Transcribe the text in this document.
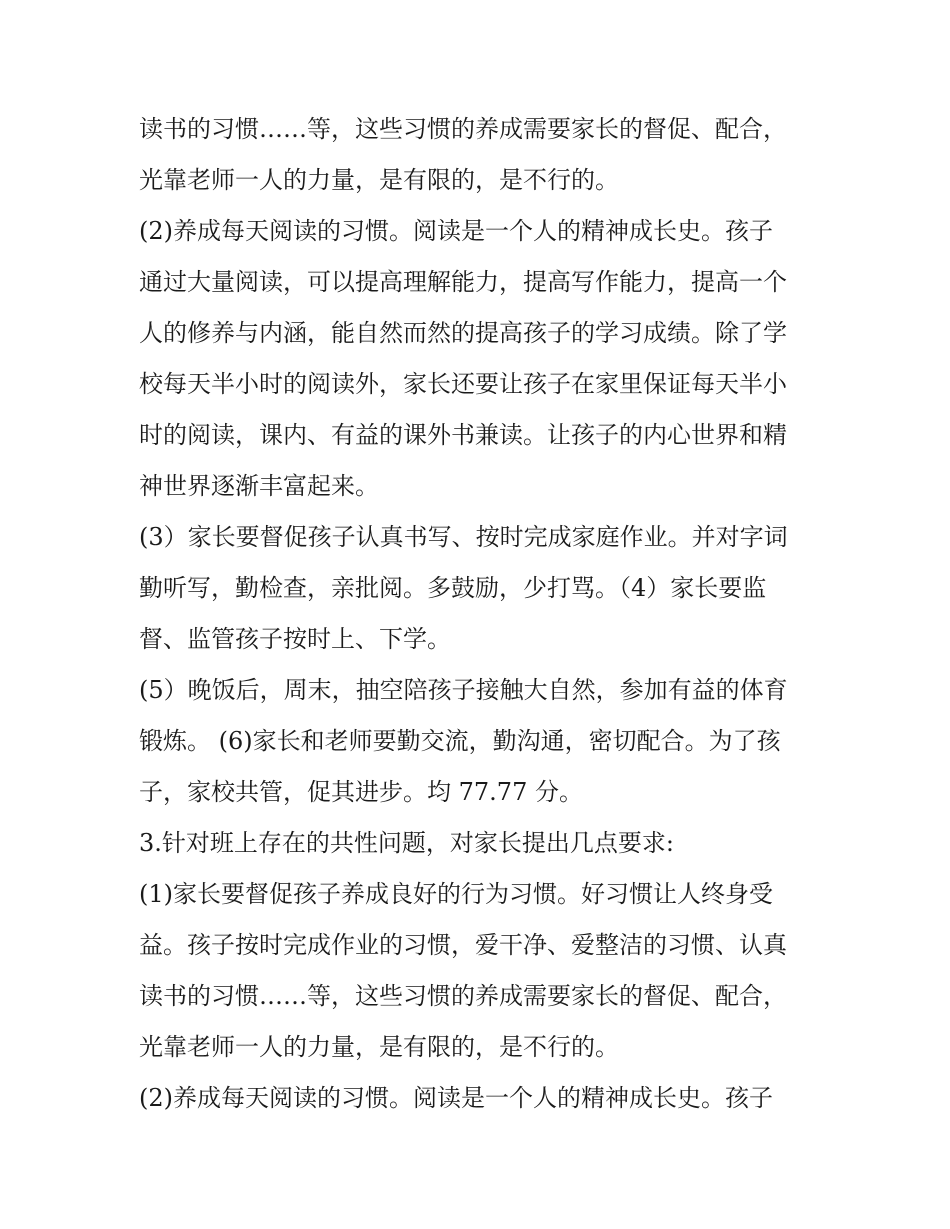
读书的习惯……等，这些习惯的养成需要家长的督促、配合，

光靠老师一人的力量，是有限的，是不行的。

(2)养成每天阅读的习惯。阅读是一个人的精神成长史。孩子

通过大量阅读，可以提高理解能力，提高写作能力，提高一个

人的修养与内涵，能自然而然的提高孩子的学习成绩。除了学

校每天半小时的阅读外，家长还要让孩子在家里保证每天半小

时的阅读，课内、有益的课外书兼读。让孩子的内心世界和精

神世界逐渐丰富起来。

(3）家长要督促孩子认真书写、按时完成家庭作业。并对字词

勤听写，勤检查，亲批阅。多鼓励，少打骂。（4）家长要监

督、监管孩子按时上、下学。

(5）晚饭后，周末，抽空陪孩子接触大自然，参加有益的体育

锻炼。 (6)家长和老师要勤交流，勤沟通，密切配合。为了孩

子，家校共管，促其进步。均 77.77 分。

3.针对班上存在的共性问题，对家长提出几点要求:

(1)家长要督促孩子养成良好的行为习惯。好习惯让人终身受

益。孩子按时完成作业的习惯，爱干净、爱整洁的习惯、认真

读书的习惯……等，这些习惯的养成需要家长的督促、配合，

光靠老师一人的力量，是有限的，是不行的。

(2)养成每天阅读的习惯。阅读是一个人的精神成长史。孩子
